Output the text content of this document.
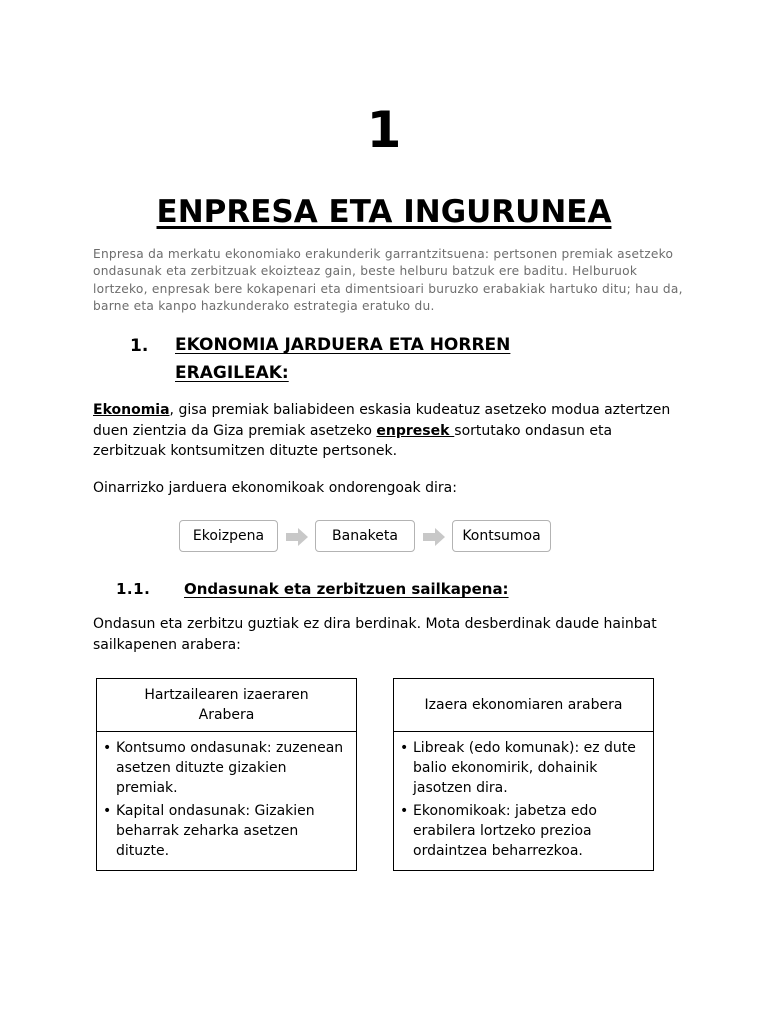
1
ENPRESA ETA INGURUNEA
Enpresa da merkatu ekonomiako erakunderik garrantzitsuena: pertsonen premiak asetzeko ondasunak eta zerbitzuak ekoizteaz gain, beste helburu batzuk ere baditu. Helburuok lortzeko, enpresak bere kokapenari eta dimentsioari buruzko erabakiak hartuko ditu; hau da, barne eta kanpo hazkunderako estrategia eratuko du.
1. EKONOMIA JARDUERA ETA HORREN ERAGILEAK:
Ekonomia, gisa premiak baliabideen eskasia kudeatuz asetzeko modua aztertzen duen zientzia da Giza premiak asetzeko enpresek sortutako ondasun eta zerbitzuak kontsumitzen dituzte pertsonek.
Oinarrizko jarduera ekonomikoak ondorengoak dira:
Ekoizpena	Banaketa	Kontsumoa
1.1. Ondasunak eta zerbitzuen sailkapena:
Ondasun eta zerbitzu guztiak ez dira berdinak. Mota desberdinak daude hainbat sailkapenen arabera:
Hartzailearen izaeraren Arabera
• Kontsumo ondasunak: zuzenean asetzen dituzte gizakien premiak.
• Kapital ondasunak: Gizakien beharrak zeharka asetzen dituzte.
Izaera ekonomiaren arabera
• Libreak (edo komunak): ez dute balio ekonomirik, dohainik jasotzen dira.
• Ekonomikoak: jabetza edo erabilera lortzeko prezioa ordaintzea beharrezkoa.
